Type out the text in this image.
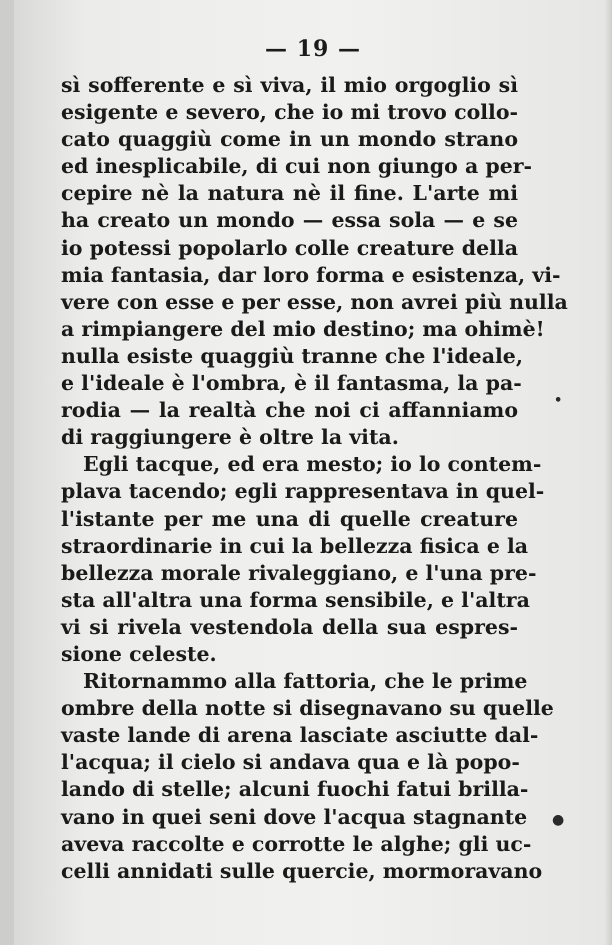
— 19 —
sì sofferente e sì viva, il mio orgoglio sì
esigente e severo, che io mi trovo collo-
cato quaggiù come in un mondo strano
ed inesplicabile, di cui non giungo a per-
cepire nè la natura nè il fine. L'arte mi
ha creato un mondo — essa sola — e se
io potessi popolarlo colle creature della
mia fantasia, dar loro forma e esistenza, vi-
vere con esse e per esse, non avrei più nulla
a rimpiangere del mio destino; ma ohimè!
nulla esiste quaggiù tranne che l'ideale,
e l'ideale è l'ombra, è il fantasma, la pa-
rodia — la realtà che noi ci affanniamo
di raggiungere è oltre la vita.
Egli tacque, ed era mesto; io lo contem-
plava tacendo; egli rappresentava in quel-
l'istante per me una di quelle creature
straordinarie in cui la bellezza fisica e la
bellezza morale rivaleggiano, e l'una pre-
sta all'altra una forma sensibile, e l'altra
vi si rivela vestendola della sua espres-
sione celeste.
Ritornammo alla fattoria, che le prime
ombre della notte si disegnavano su quelle
vaste lande di arena lasciate asciutte dal-
l'acqua; il cielo si andava qua e là popo-
lando di stelle; alcuni fuochi fatui brilla-
vano in quei seni dove l'acqua stagnante
aveva raccolte e corrotte le alghe; gli uc-
celli annidati sulle quercie, mormoravano
•
●
